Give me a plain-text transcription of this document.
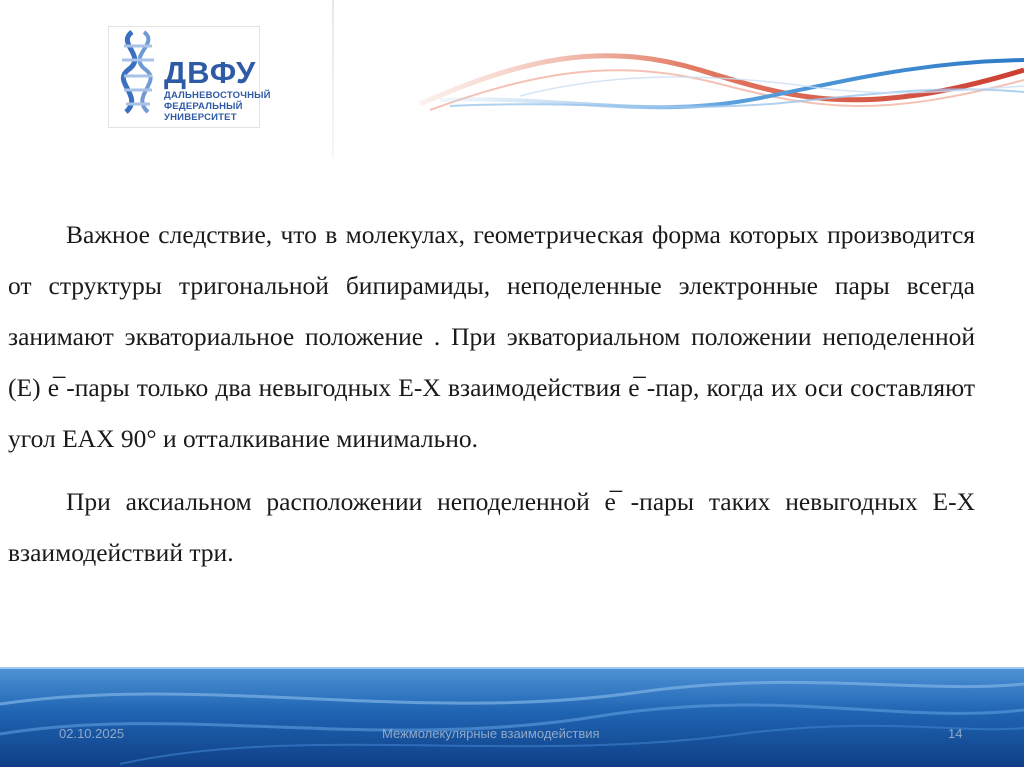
ДВФУ
ДАЛЬНЕВОСТОЧНЫЙ
ФЕДЕРАЛЬНЫЙ
УНИВЕРСИТЕТ

Важное следствие, что в молекулах, геометрическая форма которых производится от структуры тригональной бипирамиды, неподеленные электронные пары всегда занимают экваториальное положение . При экваториальном положении неподеленной (Е) е̅ -пары только два невыгодных Е-Х взаимодействия е̅ -пар, когда их оси составляют угол ЕАХ 90° и отталкивание минимально.

При аксиальном расположении неподеленной е̅ -пары таких невыгодных Е-Х взаимодействий три.

02.10.2025	Межмолекулярные взаимодействия	14
